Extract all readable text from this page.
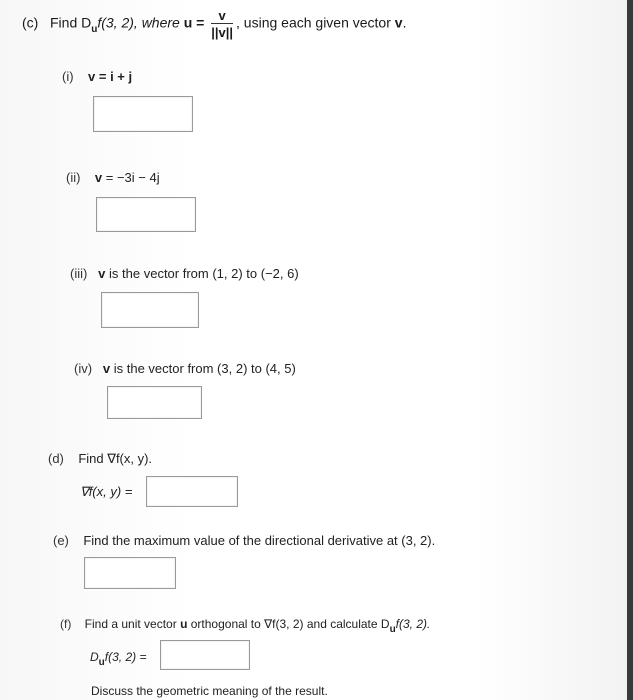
(c) Find $D_uf(3$, 2), where $u = \frac{v}{||v||}$ , using each given vector v.
(i) v = i + j
(ii) v = −3i − 4j
(iii) v is the vector from (1, 2) to (−2, 6)
(iv) v is the vector from (3, 2) to (4, 5)
(d) Find ∇f(x, y).
∇f(x, y) =
(e) Find the maximum value of the directional derivative at (3, 2).
(f) Find a unit vector u orthogonal to ∇f(3, 2) and calculate $D_uf(3$, 2).
$D_uf(3$, 2) =
Discuss the geometric meaning of the result.
